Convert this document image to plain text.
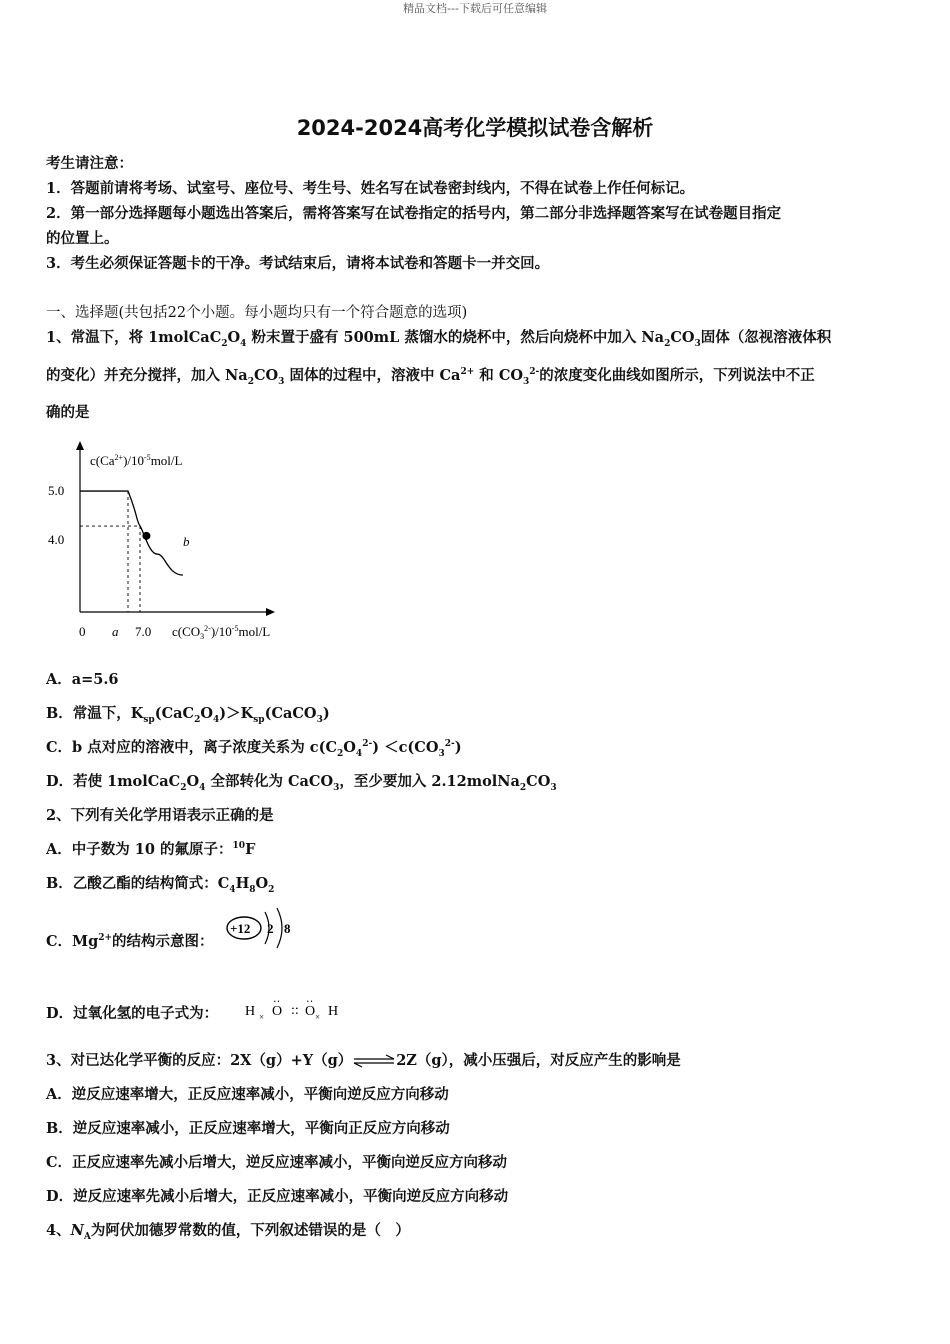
精品文档---下载后可任意编辑
2024-2024高考化学模拟试卷含解析
考生请注意：
1．答题前请将考场、试室号、座位号、考生号、姓名写在试卷密封线内，不得在试卷上作任何标记。
2．第一部分选择题每小题选出答案后，需将答案写在试卷指定的括号内，第二部分非选择题答案写在试卷题目指定
的位置上。
3．考生必须保证答题卡的干净。考试结束后，请将本试卷和答题卡一并交回。
一、选择题(共包括22个小题。每小题均只有一个符合题意的选项)
1、常温下，将 $1molCaC_2O_4$ 粉末置于盛有 500mL 蒸馏水的烧杯中，然后向烧杯中加入 $Na_2CO_3$固体（忽视溶液体积
的变化）并充分搅拌，加入 $Na_2CO_3$ 固体的过程中，溶液中 $Ca^{2+}$ 和 $CO_3^{2-}$的浓度变化曲线如图所示，下列说法中不正
确的是
$c(Ca^{2+})/10^{-5}mol/L$
$c(CO_3^{2-})/10^{-5}mol/L$
5.0
4.0
0 a 7.0
b
A．a=5.6
B．常温下，$K_{sp}(CaC_2O_4)>K_{sp}(CaCO_3)$
C．b 点对应的溶液中，离子浓度关系为 $c(C_2O_4^{2-}) <c(CO_3^{2-})$
D．若使 $1molCaC_2O_4$ 全部转化为 CaCO$_3$，至少要加入 $2.12molNa_2CO_3$
2、下列有关化学用语表示正确的是
A．中子数为 10 的氟原子：$^{10}$F
B．乙酸乙酯的结构简式：$C_4H_8O_2$
C．$Mg^{2+}$的结构示意图：
+12 2 8
D．过氧化氢的电子式为： H × O
‥
:: O
‥
× H
3、对已达化学平衡的反应：2X（g）+Y（g）⇌2Z（g），减小压强后，对反应产生的影响是
A．逆反应速率增大，正反应速率减小，平衡向逆反应方向移动
B．逆反应速率减小，正反应速率增大，平衡向正反应方向移动
C．正反应速率先减小后增大，逆反应速率减小，平衡向逆反应方向移动
D．逆反应速率先减小后增大，正反应速率减小，平衡向逆反应方向移动
4、$N_A$为阿伏加德罗常数的值，下列叙述错误的是（　）
